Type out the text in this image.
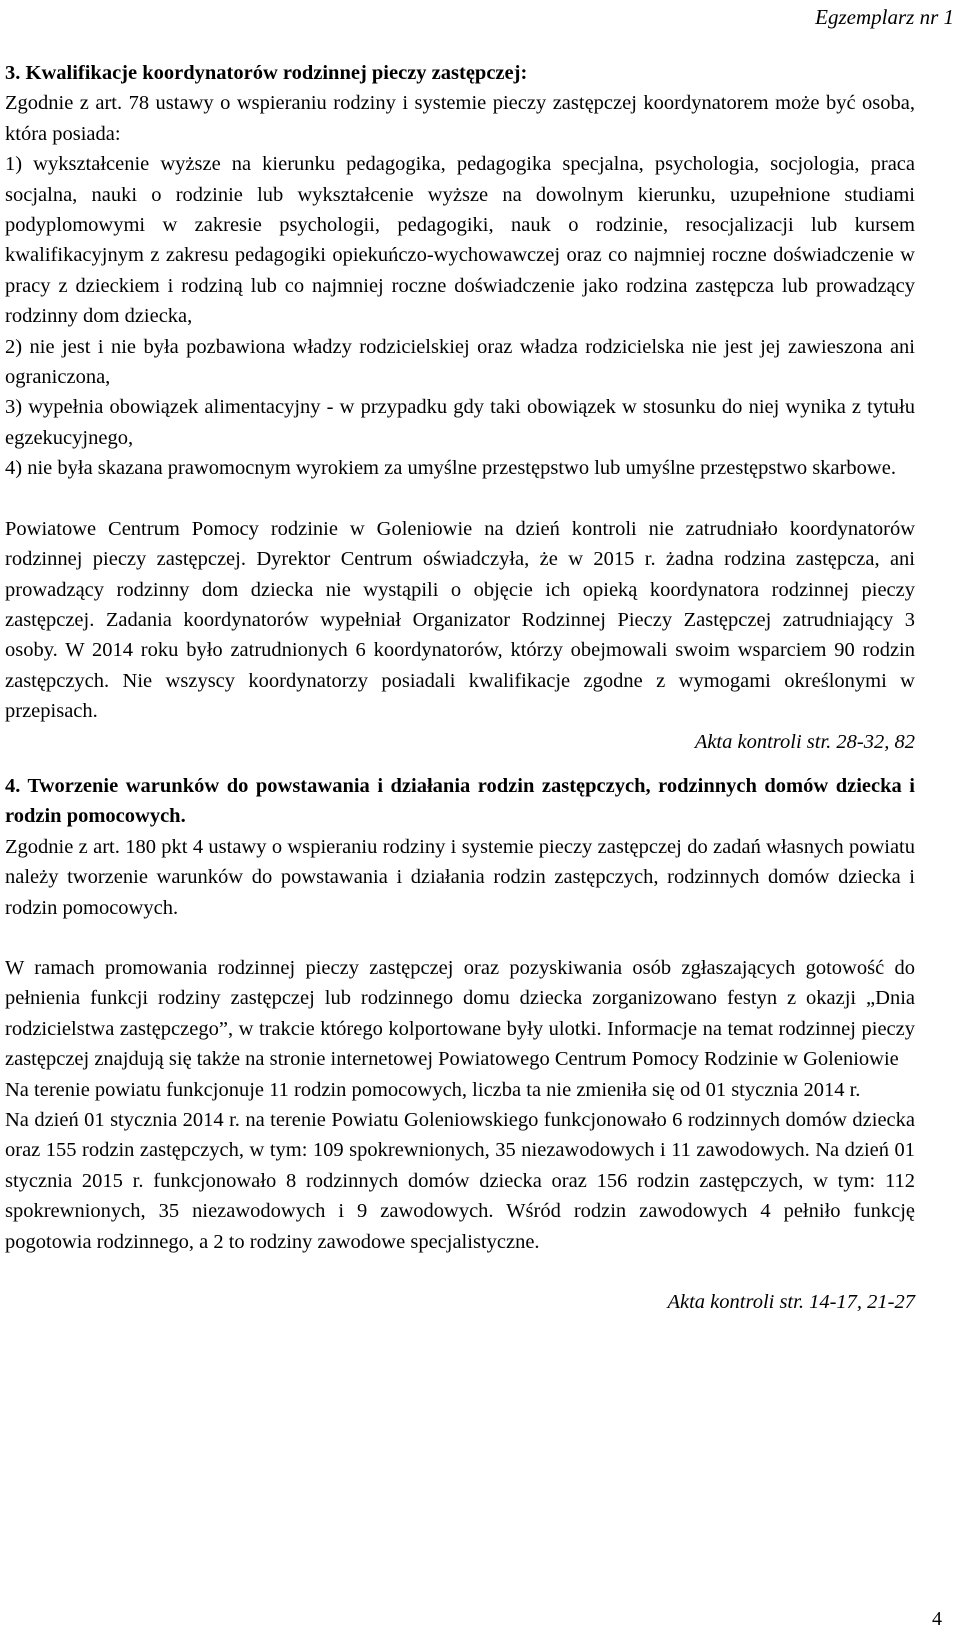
Egzemplarz nr 1

3. Kwalifikacje koordynatorów rodzinnej pieczy zastępczej:

Zgodnie z art. 78 ustawy o wspieraniu rodziny i systemie pieczy zastępczej koordynatorem może być osoba, która posiada:

1) wykształcenie wyższe na kierunku pedagogika, pedagogika specjalna, psychologia, socjologia, praca socjalna, nauki o rodzinie lub wykształcenie wyższe na dowolnym kierunku, uzupełnione studiami podyplomowymi w zakresie psychologii, pedagogiki, nauk o rodzinie, resocjalizacji lub kursem kwalifikacyjnym z zakresu pedagogiki opiekuńczo-wychowawczej oraz co najmniej roczne doświadczenie w pracy z dzieckiem i rodziną lub co najmniej roczne doświadczenie jako rodzina zastępcza lub prowadzący rodzinny dom dziecka,

2) nie jest i nie była pozbawiona władzy rodzicielskiej oraz władza rodzicielska nie jest jej zawieszona ani ograniczona,

3) wypełnia obowiązek alimentacyjny - w przypadku gdy taki obowiązek w stosunku do niej wynika z tytułu egzekucyjnego,

4) nie była skazana prawomocnym wyrokiem za umyślne przestępstwo lub umyślne przestępstwo skarbowe.

Powiatowe Centrum Pomocy rodzinie w Goleniowie na dzień kontroli nie zatrudniało koordynatorów rodzinnej pieczy zastępczej. Dyrektor Centrum oświadczyła, że w 2015 r. żadna rodzina zastępcza, ani prowadzący rodzinny dom dziecka nie wystąpili o objęcie ich opieką koordynatora rodzinnej pieczy zastępczej. Zadania koordynatorów wypełniał Organizator Rodzinnej Pieczy Zastępczej zatrudniający 3 osoby. W 2014 roku było zatrudnionych 6 koordynatorów, którzy obejmowali swoim wsparciem 90 rodzin zastępczych. Nie wszyscy koordynatorzy posiadali kwalifikacje zgodne z wymogami określonymi w przepisach.

Akta kontroli str. 28-32, 82

4. Tworzenie warunków do powstawania i działania rodzin zastępczych, rodzinnych domów dziecka i rodzin pomocowych.

Zgodnie z art. 180 pkt 4 ustawy o wspieraniu rodziny i systemie pieczy zastępczej do zadań własnych powiatu należy tworzenie warunków do powstawania i działania rodzin zastępczych, rodzinnych domów dziecka i rodzin pomocowych.

W ramach promowania rodzinnej pieczy zastępczej oraz pozyskiwania osób zgłaszających gotowość do pełnienia funkcji rodziny zastępczej lub rodzinnego domu dziecka zorganizowano festyn z okazji „Dnia rodzicielstwa zastępczego”, w trakcie którego kolportowane były ulotki. Informacje na temat rodzinnej pieczy zastępczej znajdują się także na stronie internetowej Powiatowego Centrum Pomocy Rodzinie w Goleniowie

Na terenie powiatu funkcjonuje 11 rodzin pomocowych, liczba ta nie zmieniła się od 01 stycznia 2014 r.

Na dzień 01 stycznia 2014 r. na terenie Powiatu Goleniowskiego funkcjonowało 6 rodzinnych domów dziecka oraz 155 rodzin zastępczych, w tym: 109 spokrewnionych, 35 niezawodowych i 11 zawodowych. Na dzień 01 stycznia 2015 r. funkcjonowało 8 rodzinnych domów dziecka oraz 156 rodzin zastępczych, w tym: 112 spokrewnionych, 35 niezawodowych i 9 zawodowych. Wśród rodzin zawodowych 4 pełniło funkcję pogotowia rodzinnego, a 2 to rodziny zawodowe specjalistyczne.

Akta kontroli str. 14-17, 21-27

4
